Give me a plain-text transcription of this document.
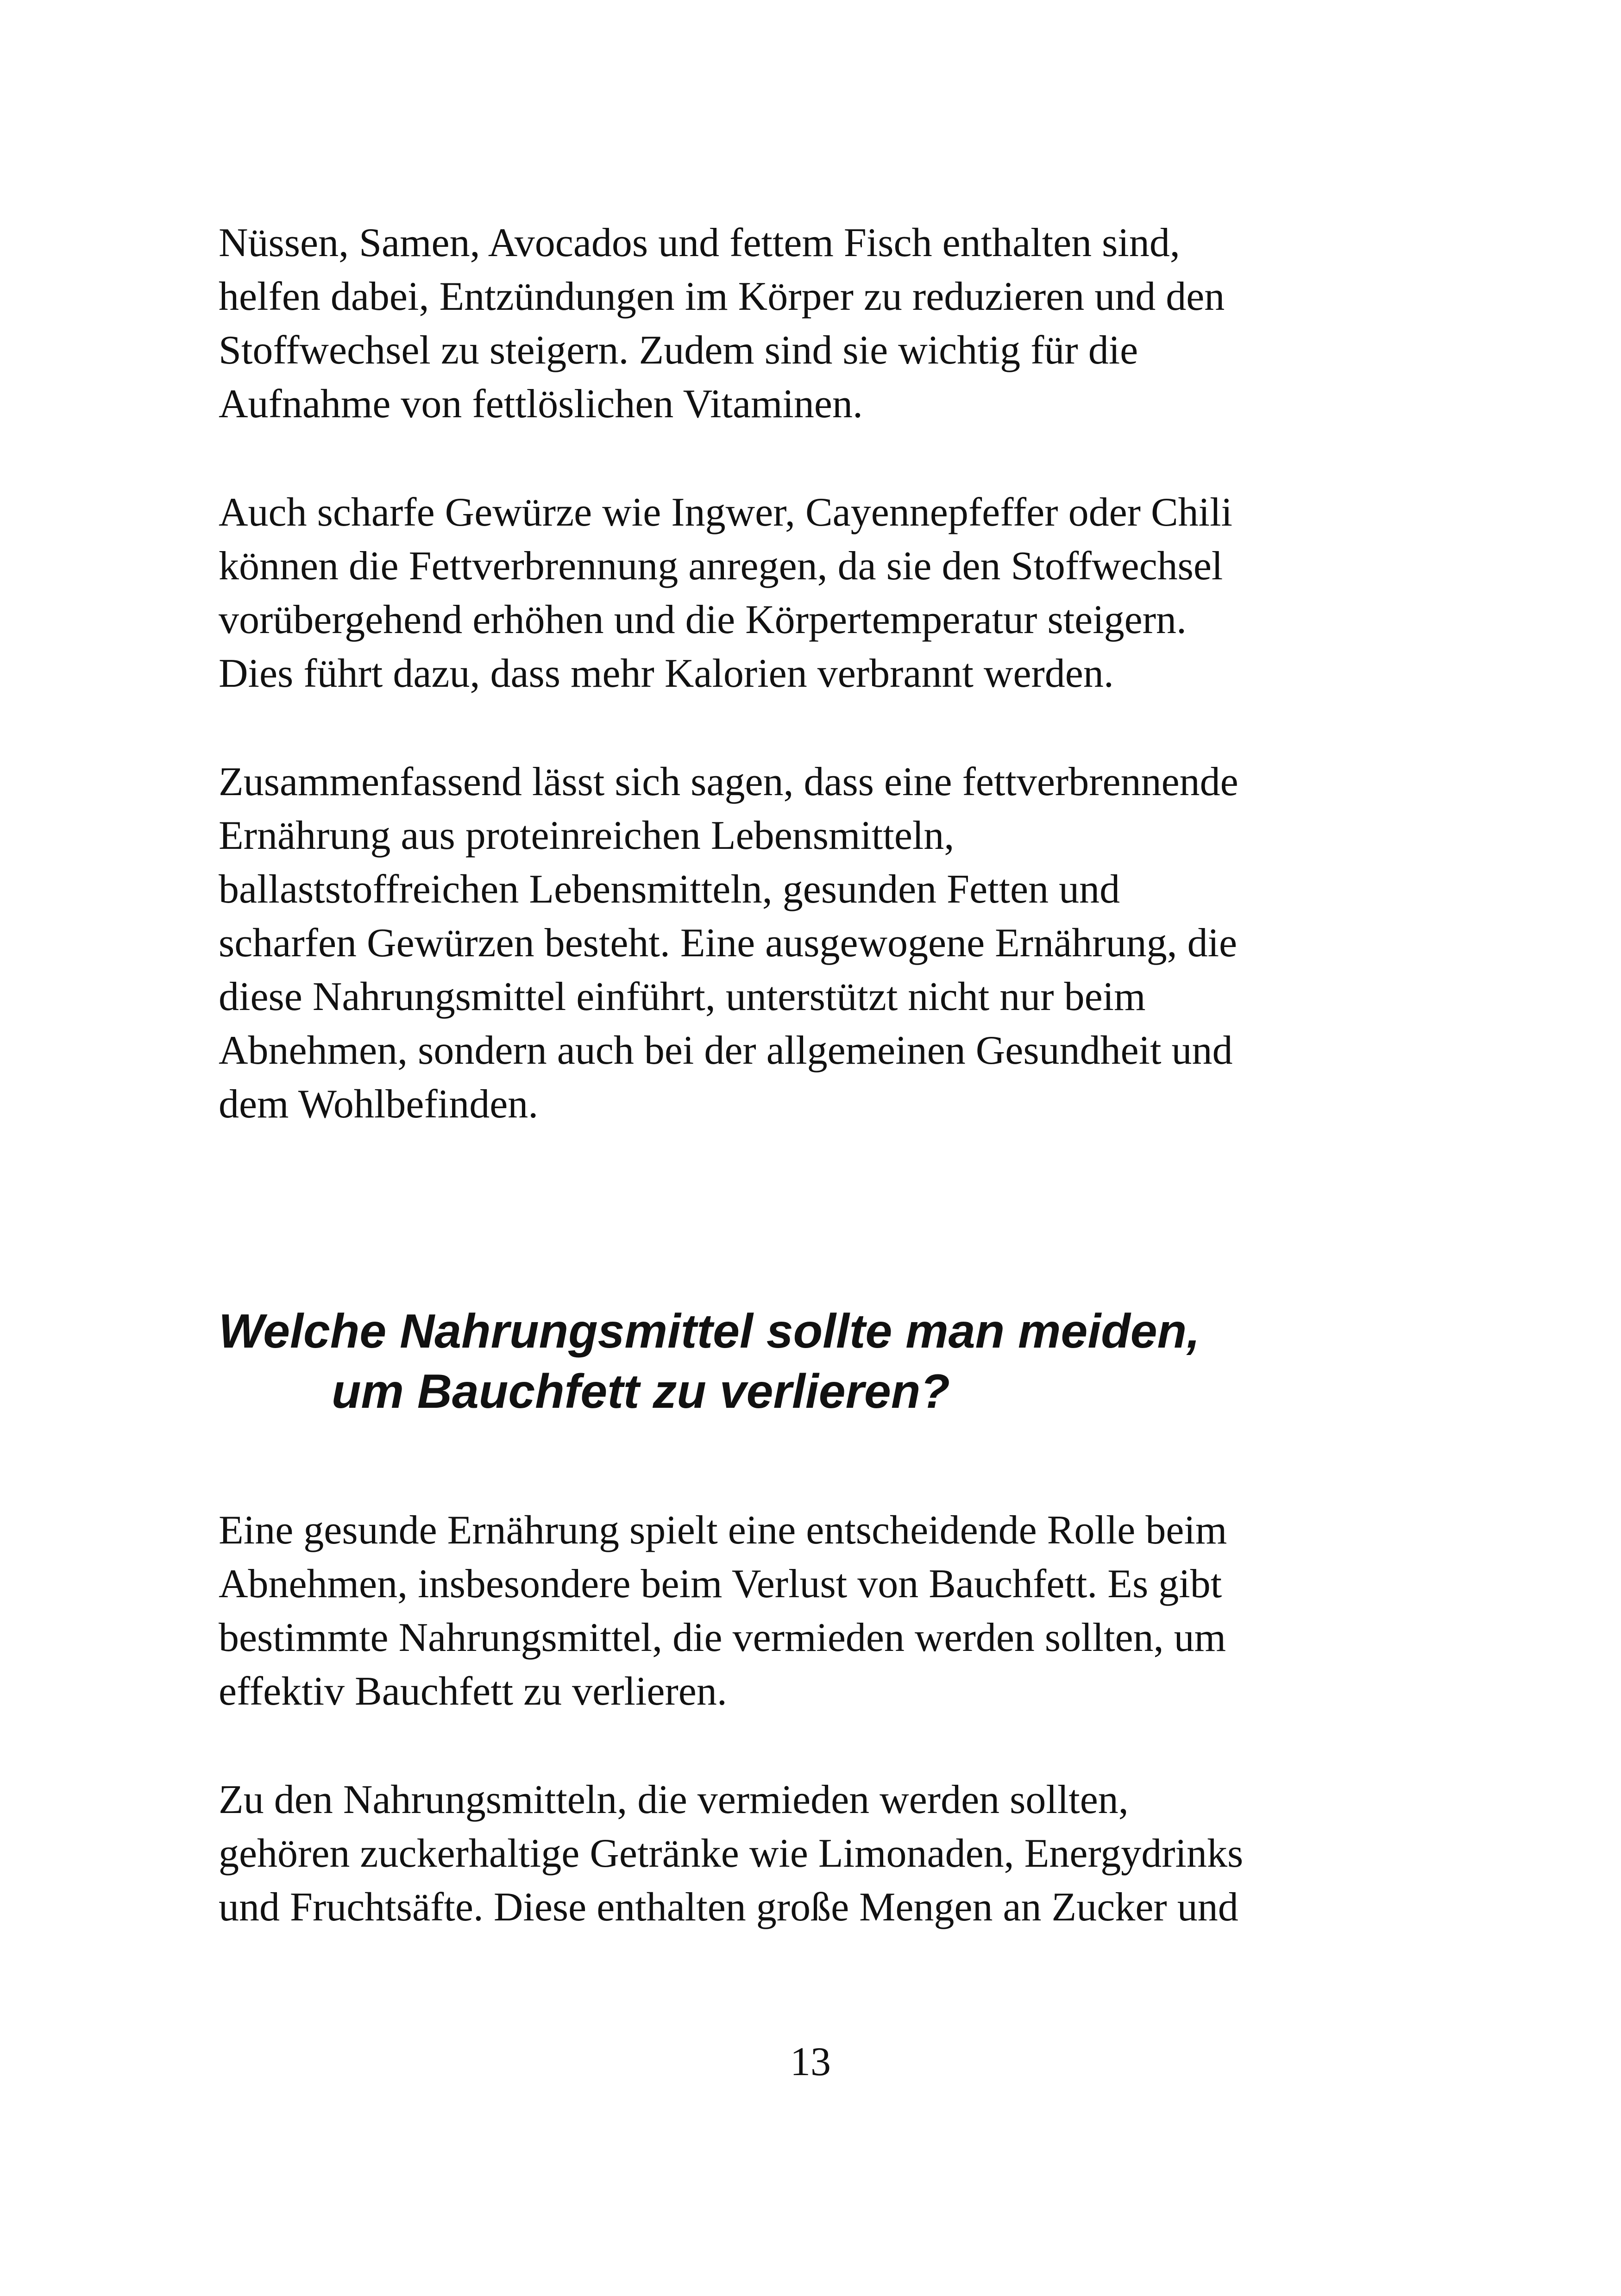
Nüssen, Samen, Avocados und fettem Fisch enthalten sind,

helfen dabei, Entzündungen im Körper zu reduzieren und den

Stoffwechsel zu steigern. Zudem sind sie wichtig für die

Aufnahme von fettlöslichen Vitaminen.

Auch scharfe Gewürze wie Ingwer, Cayennepfeffer oder Chili

können die Fettverbrennung anregen, da sie den Stoffwechsel

vorübergehend erhöhen und die Körpertemperatur steigern.

Dies führt dazu, dass mehr Kalorien verbrannt werden.

Zusammenfassend lässt sich sagen, dass eine fettverbrennende

Ernährung aus proteinreichen Lebensmitteln,

ballaststoffreichen Lebensmitteln, gesunden Fetten und

scharfen Gewürzen besteht. Eine ausgewogene Ernährung, die

diese Nahrungsmittel einführt, unterstützt nicht nur beim

Abnehmen, sondern auch bei der allgemeinen Gesundheit und

dem Wohlbefinden.

Welche Nahrungsmittel sollte man meiden,

um Bauchfett zu verlieren?

Eine gesunde Ernährung spielt eine entscheidende Rolle beim

Abnehmen, insbesondere beim Verlust von Bauchfett. Es gibt

bestimmte Nahrungsmittel, die vermieden werden sollten, um

effektiv Bauchfett zu verlieren.

Zu den Nahrungsmitteln, die vermieden werden sollten,

gehören zuckerhaltige Getränke wie Limonaden, Energydrinks

und Fruchtsäfte. Diese enthalten große Mengen an Zucker und

13
